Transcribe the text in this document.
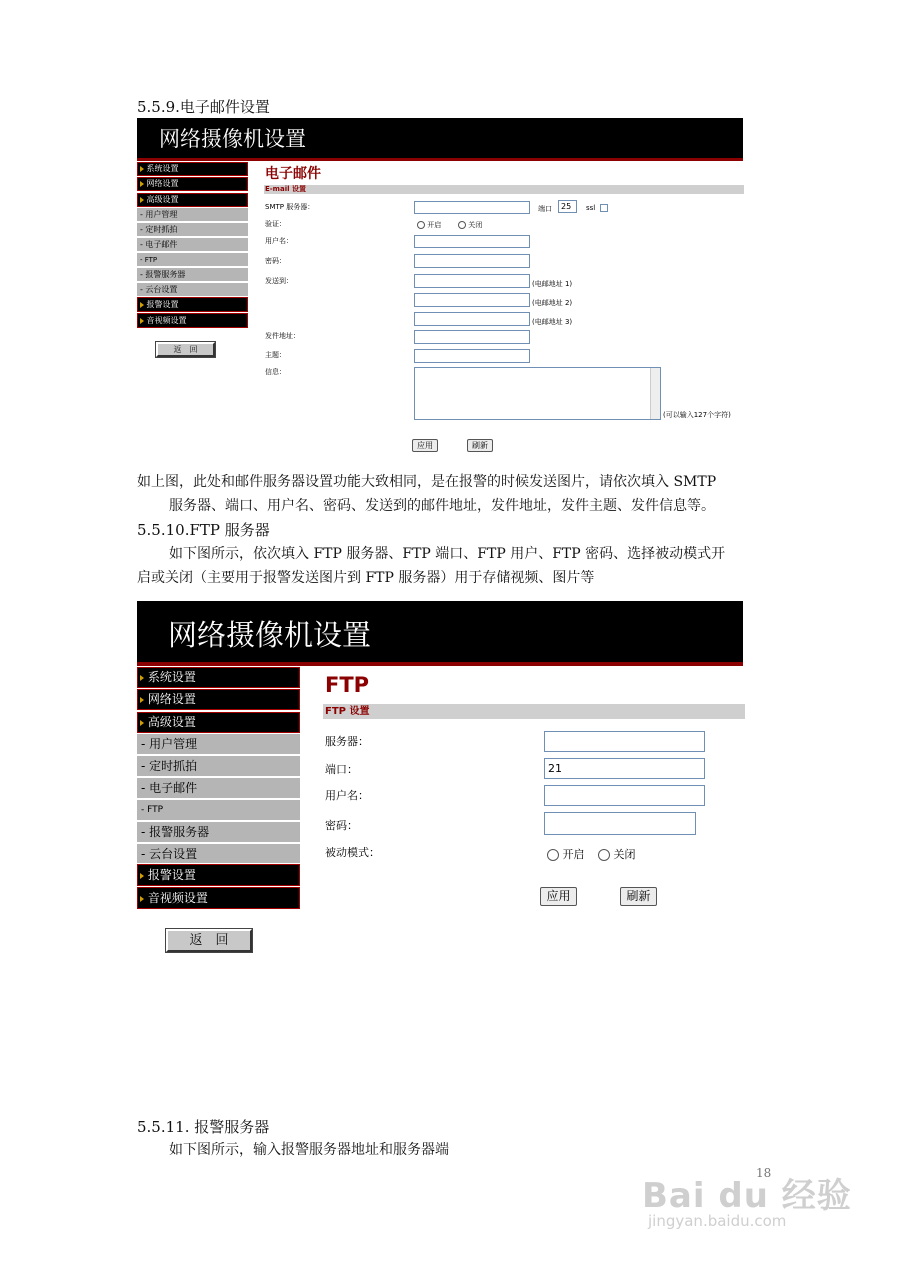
5.5.9.电子邮件设置
网络摄像机设置
系统设置
网络设置
高级设置
- 用户管理
- 定时抓拍
- 电子邮件
- FTP
- 报警服务器
- 云台设置
报警设置
音视频设置
返　回
电子邮件
E-mail 设置
SMTP 服务器：	端口	25	ssl
验证：	开启	关闭
用户名：
密码：
发送到：	(电邮地址 1)
(电邮地址 2)
(电邮地址 3)
发件地址：
主题：
信息：
(可以输入127个字符)
应用	刷新
如上图，此处和邮件服务器设置功能大致相同，是在报警的时候发送图片，请依次填入 SMTP
服务器、端口、用户名、密码、发送到的邮件地址，发件地址，发件主题、发件信息等。
5.5.10.FTP 服务器
如下图所示，依次填入 FTP 服务器、FTP 端口、FTP 用户、FTP 密码、选择被动模式开
启或关闭（主要用于报警发送图片到 FTP 服务器）用于存储视频、图片等
网络摄像机设置
系统设置
网络设置
高级设置
- 用户管理
- 定时抓拍
- 电子邮件
- FTP
- 报警服务器
- 云台设置
报警设置
音视频设置
返　回
FTP
FTP 设置
服务器：
端口：	21
用户名：
密码：
被动模式：	开启	关闭
应用	刷新
5.5.11. 报警服务器
如下图所示，输入报警服务器地址和服务器端
Bai du 经验
18
jingyan.baidu.com
